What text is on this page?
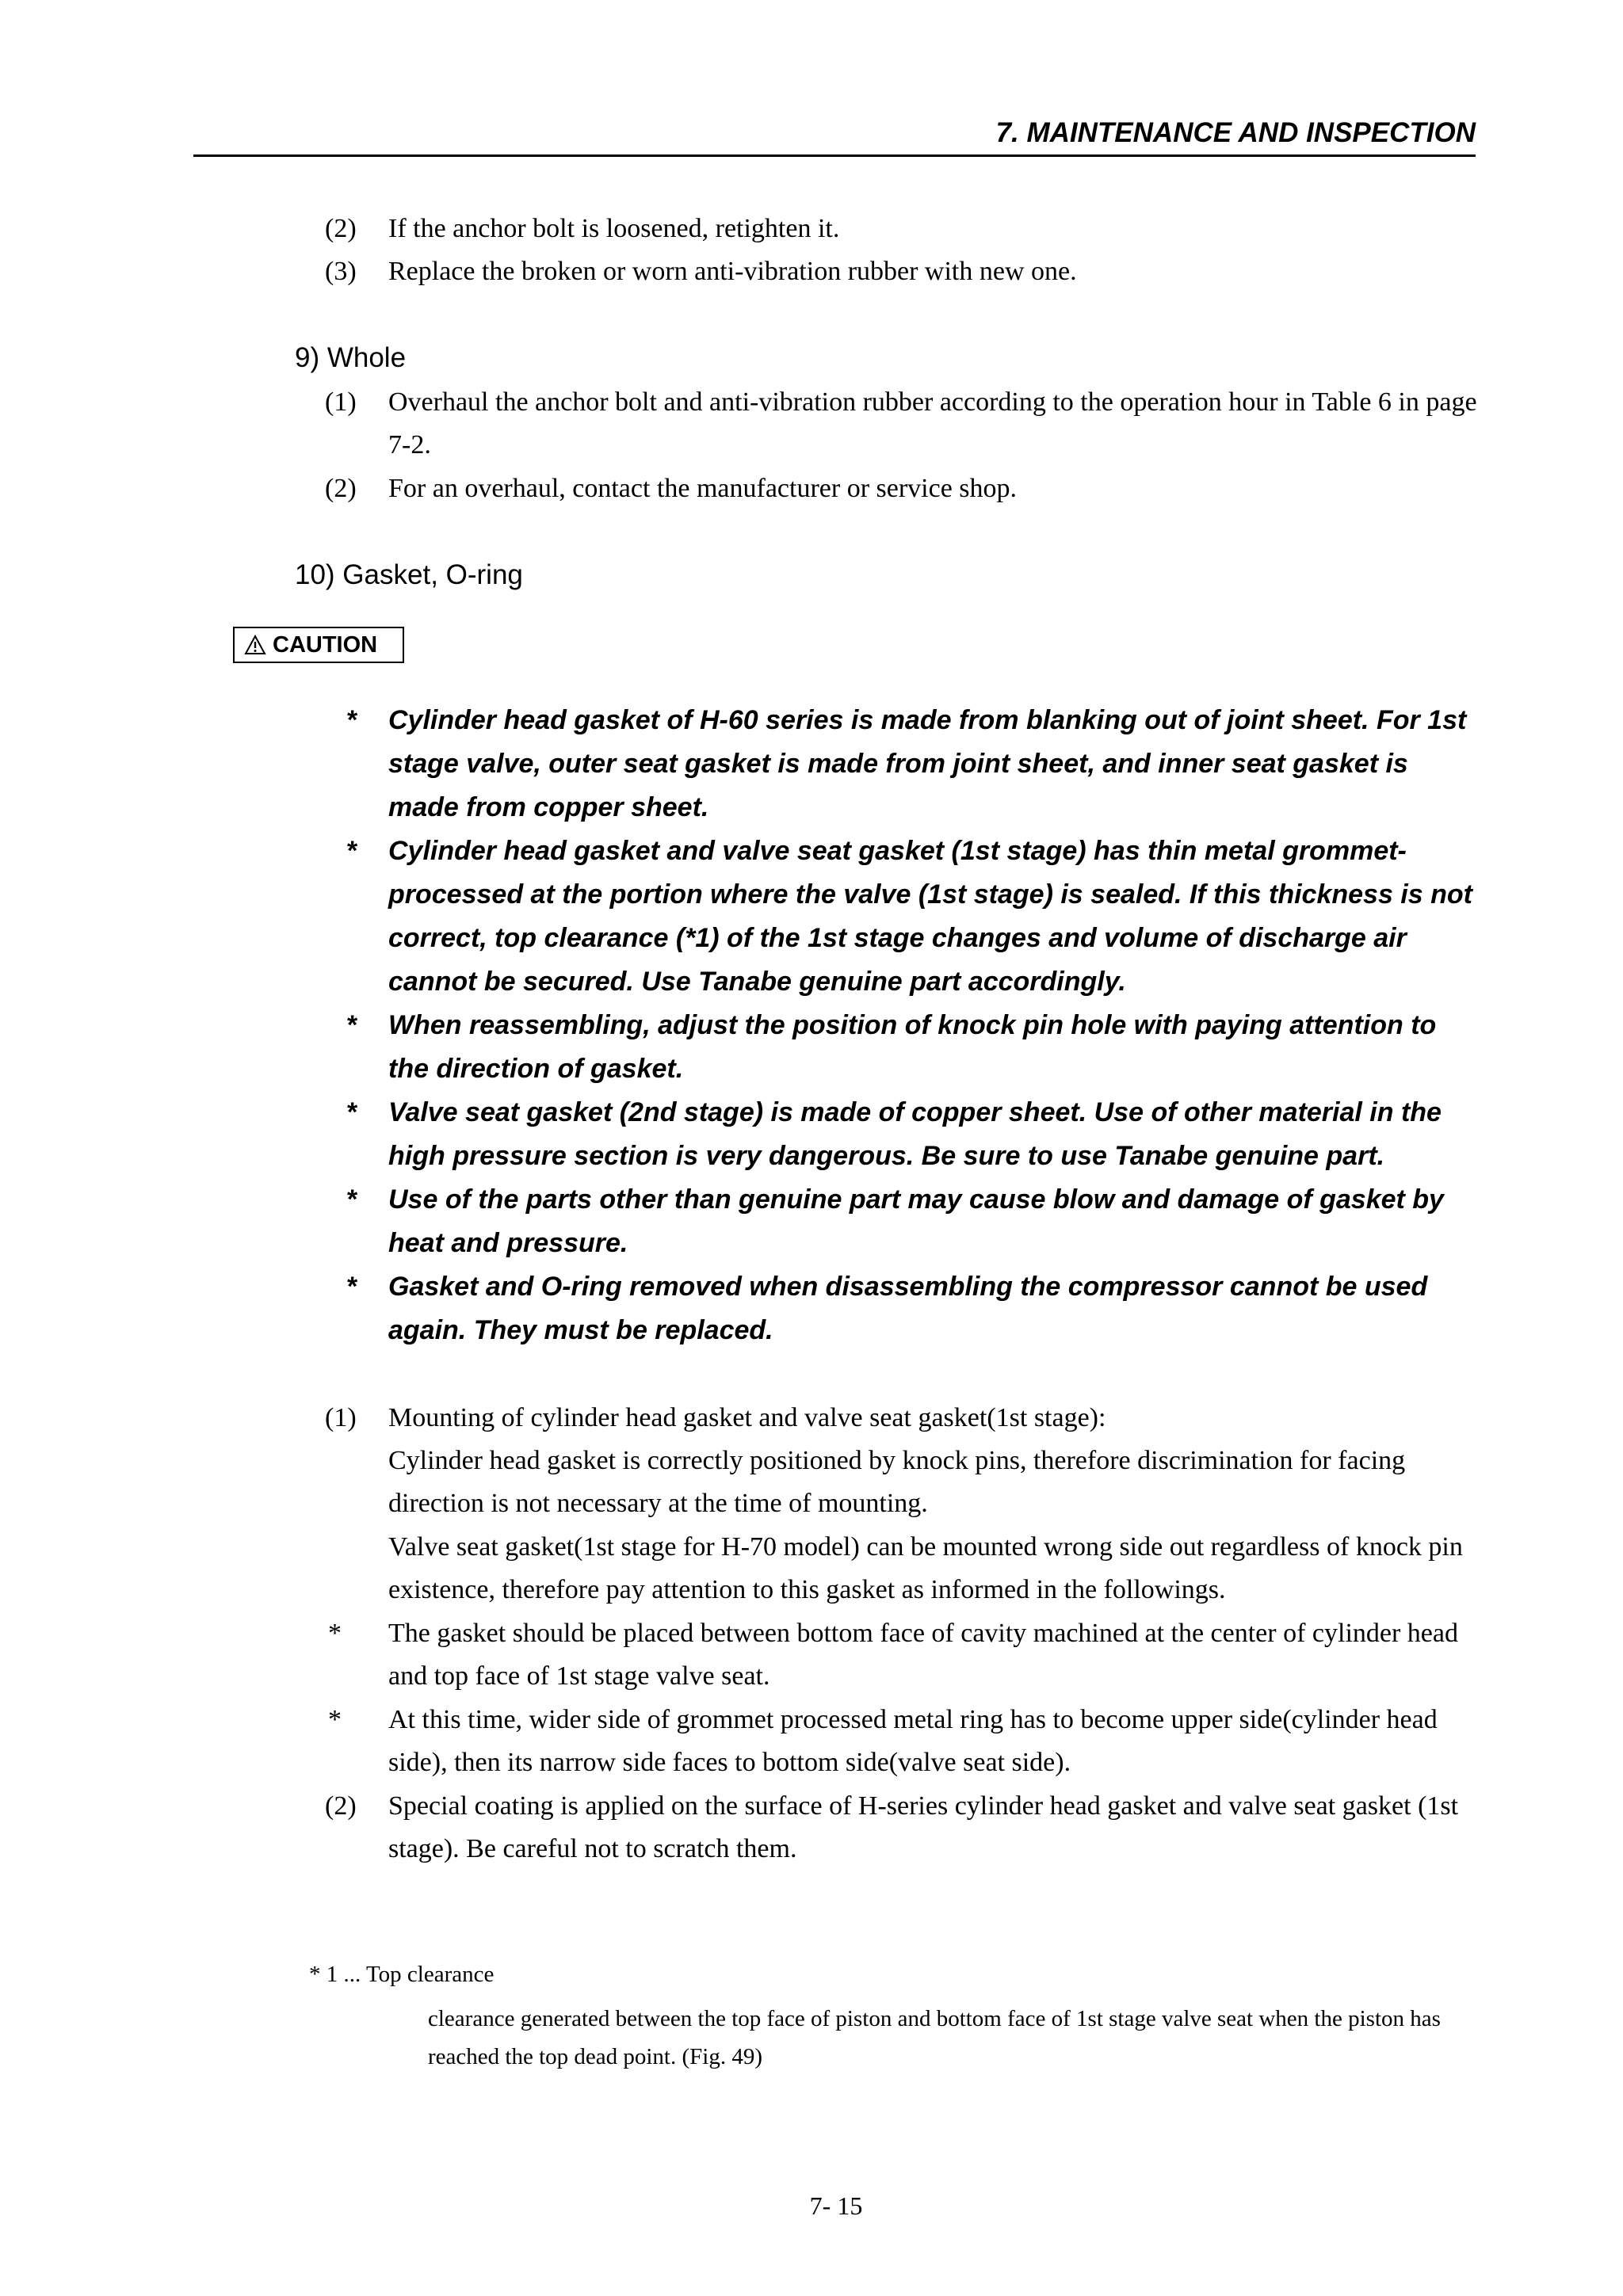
7. MAINTENANCE AND INSPECTION
(2) If the anchor bolt is loosened, retighten it.
(3) Replace the broken or worn anti-vibration rubber with new one.
9) Whole
(1) Overhaul the anchor bolt and anti-vibration rubber according to the operation hour in Table 6 in page 7-2.
(2) For an overhaul, contact the manufacturer or service shop.
10) Gasket, O-ring
CAUTION
* Cylinder head gasket of H-60 series is made from blanking out of joint sheet. For 1st stage valve, outer seat gasket is made from joint sheet, and inner seat gasket is made from copper sheet.
* Cylinder head gasket and valve seat gasket (1st stage) has thin metal grommet-processed at the portion where the valve (1st stage) is sealed. If this thickness is not correct, top clearance (*1) of the 1st stage changes and volume of discharge air cannot be secured. Use Tanabe genuine part accordingly.
* When reassembling, adjust the position of knock pin hole with paying attention to the direction of gasket.
* Valve seat gasket (2nd stage) is made of copper sheet. Use of other material in the high pressure section is very dangerous. Be sure to use Tanabe genuine part.
* Use of the parts other than genuine part may cause blow and damage of gasket by heat and pressure.
* Gasket and O-ring removed when disassembling the compressor cannot be used again. They must be replaced.
(1) Mounting of cylinder head gasket and valve seat gasket(1st stage):
Cylinder head gasket is correctly positioned by knock pins, therefore discrimination for facing direction is not necessary at the time of mounting.
Valve seat gasket(1st stage for H-70 model) can be mounted wrong side out regardless of knock pin existence, therefore pay attention to this gasket as informed in the followings.
* The gasket should be placed between bottom face of cavity machined at the center of cylinder head and top face of 1st stage valve seat.
* At this time, wider side of grommet processed metal ring has to become upper side(cylinder head side), then its narrow side faces to bottom side(valve seat side).
(2) Special coating is applied on the surface of H-series cylinder head gasket and valve seat gasket (1st stage). Be careful not to scratch them.
* 1 ... Top clearance
clearance generated between the top face of piston and bottom face of 1st stage valve seat when the piston has reached the top dead point. (Fig. 49)
7- 15
